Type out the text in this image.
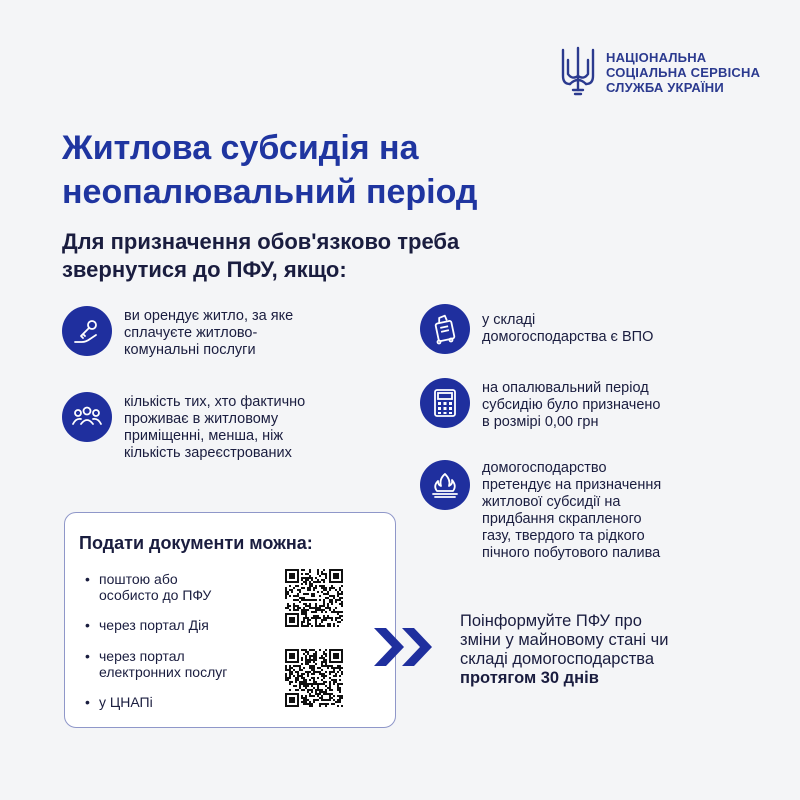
НАЦІОНАЛЬНА
СОЦІАЛЬНА СЕРВІСНА
СЛУЖБА УКРАЇНИ
Житлова субсидія на
неопалювальний період
Для призначення обов'язково треба
звернутися до ПФУ, якщо:
ви орендує житло, за яке
сплачуєте житлово-
комунальні послуги
кількість тих, хто фактично
проживає в житловому
приміщенні, менша, ніж
кількість зареєстрованих
у складі
домогосподарства є ВПО
на опалювальний період
субсидію було призначено
в розмірі 0,00 грн
домогосподарство
претендує на призначення
житлової субсидії на
придбання скрапленого
газу, твердого та рідкого
пічного побутового палива
Подати документи можна:
• поштою або
особисто до ПФУ
• через портал Дія
• через портал
електронних послуг
• у ЦНАПі
Поінформуйте ПФУ про
зміни у майновому стані чи
складі домогосподарства
протягом 30 днів
